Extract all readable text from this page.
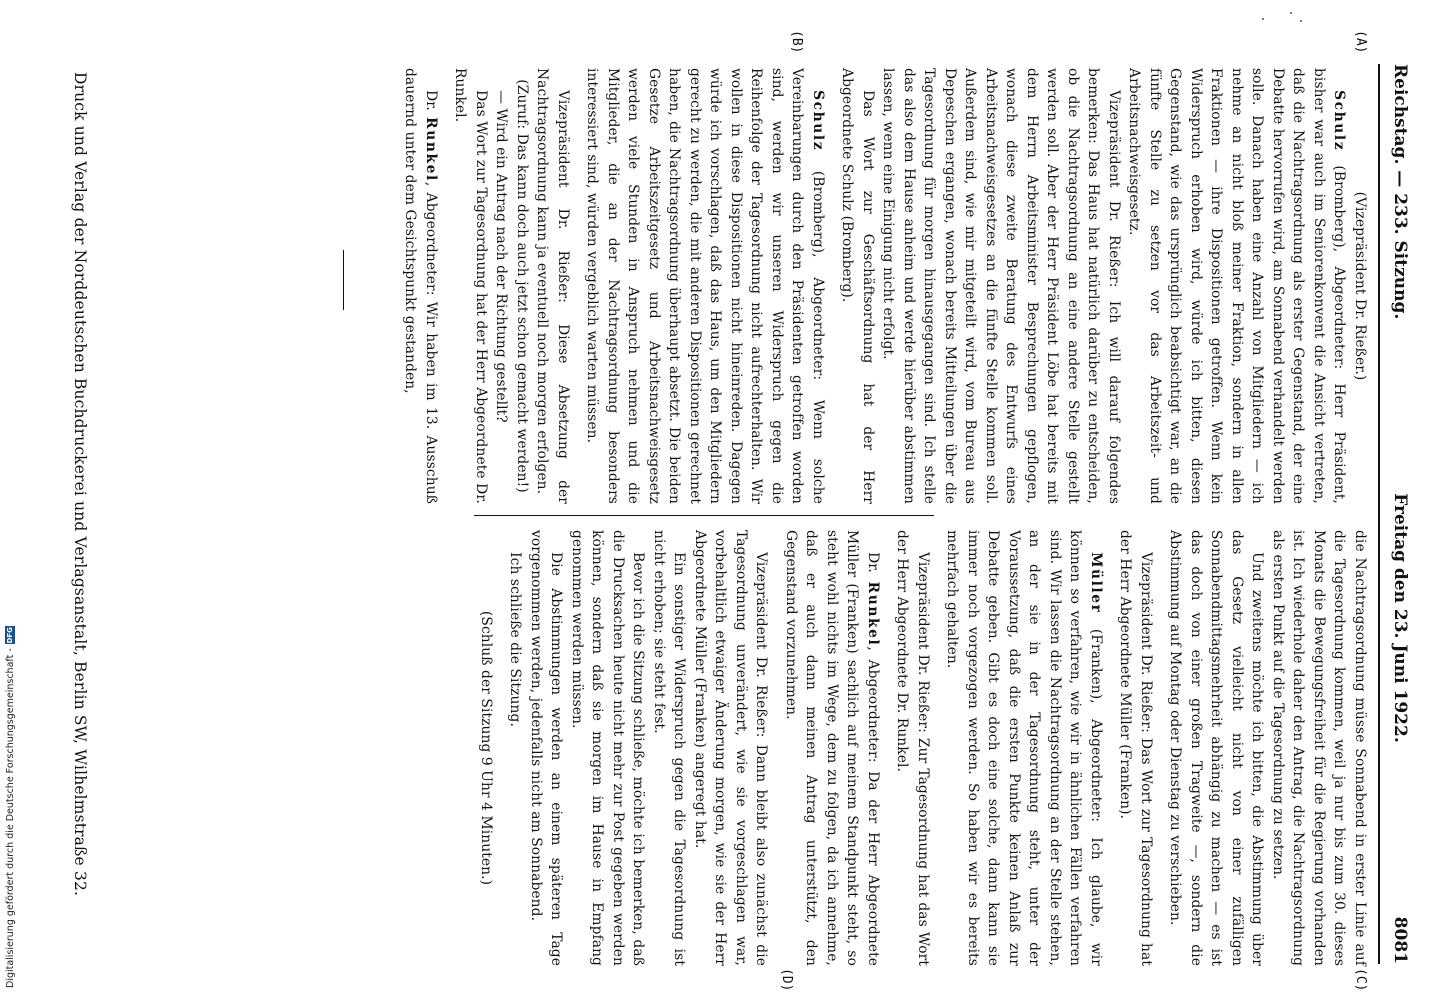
Reichstag. — 233. Sitzung.
Freitag den 23. Juni 1922.
8081
(A)
(B)
(C)
(D)

(Vizepräsident Dr. Rießer.)

Schulz (Bromberg), Abgeordneter: Herr Präsident, bisher war auch im Seniorenkonvent die Ansicht vertreten, daß die Nachtragsordnung als erster Gegenstand, der eine Debatte hervorrufen wird, am Sonnabend verhandelt werden solle. Danach haben eine Anzahl von Mitgliedern — ich nehme an nicht bloß meiner Fraktion, sondern in allen Fraktionen — ihre Dispositionen getroffen. Wenn kein Widerspruch erhoben wird, würde ich bitten, diesen Gegenstand, wie das ursprünglich beabsichtigt war, an die fünfte Stelle zu setzen vor das Arbeitszeit- und Arbeitsnachweisgesetz.

Vizepräsident Dr. Rießer: Ich will darauf folgendes bemerken: Das Haus hat natürlich darüber zu entscheiden, ob die Nachtragsordnung an eine andere Stelle gestellt werden soll. Aber der Herr Präsident Löbe hat bereits mit dem Herrn Arbeitsminister Besprechungen gepflogen, wonach diese zweite Beratung des Entwurfs eines Arbeitsnachweisgesetzes an die fünfte Stelle kommen soll. Außerdem sind, wie mir mitgeteilt wird, vom Bureau aus Depeschen ergangen, wonach bereits Mitteilungen über die Tagesordnung für morgen hinausgegangen sind. Ich stelle das also dem Hause anheim und werde hierüber abstimmen lassen, wenn eine Einigung nicht erfolgt.

Das Wort zur Geschäftsordnung hat der Herr Abgeordnete Schulz (Bromberg).

Schulz (Bromberg), Abgeordneter: Wenn solche Vereinbarungen durch den Präsidenten getroffen worden sind, werden wir unseren Widerspruch gegen die Reihenfolge der Tagesordnung nicht aufrechterhalten. Wir wollen in diese Dispositionen nicht hineinreden. Dagegen würde ich vorschlagen, daß das Haus, um den Mitgliedern gerecht zu werden, die mit anderen Dispositionen gerechnet haben, die Nachtragsordnung überhaupt absetzt. Die beiden Gesetze Arbeitszeitgesetz und Arbeitsnachweisgesetz werden viele Stunden in Anspruch nehmen und die Mitglieder, die an der Nachtragsordnung besonders interessiert sind, würden vergeblich warten müssen.

Vizepräsident Dr. Rießer: Diese Absetzung der Nachtragsordnung kann ja eventuell noch morgen erfolgen.

(Zuruf: Das kann doch auch jetzt schon gemacht werden!)

— Wird ein Antrag nach der Richtung gestellt?

Das Wort zur Tagesordnung hat der Herr Abgeordnete Dr. Runkel.

Dr. Runkel, Abgeordneter: Wir haben im 13. Ausschuß dauernd unter dem Gesichtspunkt gestanden,

die Nachtragsordnung müsse Sonnabend in erster Linie auf die Tagesordnung kommen, weil ja nur bis zum 30. dieses Monats die Bewegungsfreiheit für die Regierung vorhanden ist. Ich wiederhole daher den Antrag, die Nachtragsordnung als ersten Punkt auf die Tagesordnung zu setzen.

Und zweitens möchte ich bitten, die Abstimmung über das Gesetz vielleicht nicht von einer zufälligen Sonnabendmittagsmehrheit abhängig zu machen — es ist das doch von einer großen Tragweite —, sondern die Abstimmung auf Montag oder Dienstag zu verschieben.

Vizepräsident Dr. Rießer: Das Wort zur Tagesordnung hat der Herr Abgeordnete Müller (Franken).

Müller (Franken), Abgeordneter: Ich glaube, wir können so verfahren, wie wir in ähnlichen Fällen verfahren sind. Wir lassen die Nachtragsordnung an der Stelle stehen, an der sie in der Tagesordnung steht, unter der Voraussetzung, daß die ersten Punkte keinen Anlaß zur Debatte geben. Gibt es doch eine solche, dann kann sie immer noch vorgezogen werden. So haben wir es bereits mehrfach gehalten.

Vizepräsident Dr. Rießer: Zur Tagesordnung hat das Wort der Herr Abgeordnete Dr. Runkel.

Dr. Runkel, Abgeordneter: Da der Herr Abgeordnete Müller (Franken) sachlich auf meinem Standpunkt steht, so steht wohl nichts im Wege, dem zu folgen, da ich annehme, daß er auch dann meinen Antrag unterstützt, den Gegenstand vorzunehmen.

Vizepräsident Dr. Rießer: Dann bleibt also zunächst die Tagesordnung unverändert, wie sie vorgeschlagen war, vorbehaltlich etwaiger Änderung morgen, wie sie der Herr Abgeordnete Müller (Franken) angeregt hat.

Ein sonstiger Widerspruch gegen die Tagesordnung ist nicht erhoben; sie steht fest.

Bevor ich die Sitzung schließe, möchte ich bemerken, daß die Drucksachen heute nicht mehr zur Post gegeben werden können, sondern daß sie morgen im Hause in Empfang genommen werden müssen.

Die Abstimmungen werden an einem späteren Tage vorgenommen werden, jedenfalls nicht am Sonnabend.

Ich schließe die Sitzung.

(Schluß der Sitzung 9 Uhr 4 Minuten.)

Druck und Verlag der Norddeutschen Buchdruckerei und Verlagsanstalt, Berlin SW, Wilhelmstraße 32.
Digitalisierung gefördert durch die Deutsche Forschungsgemeinschaft -
DFG
